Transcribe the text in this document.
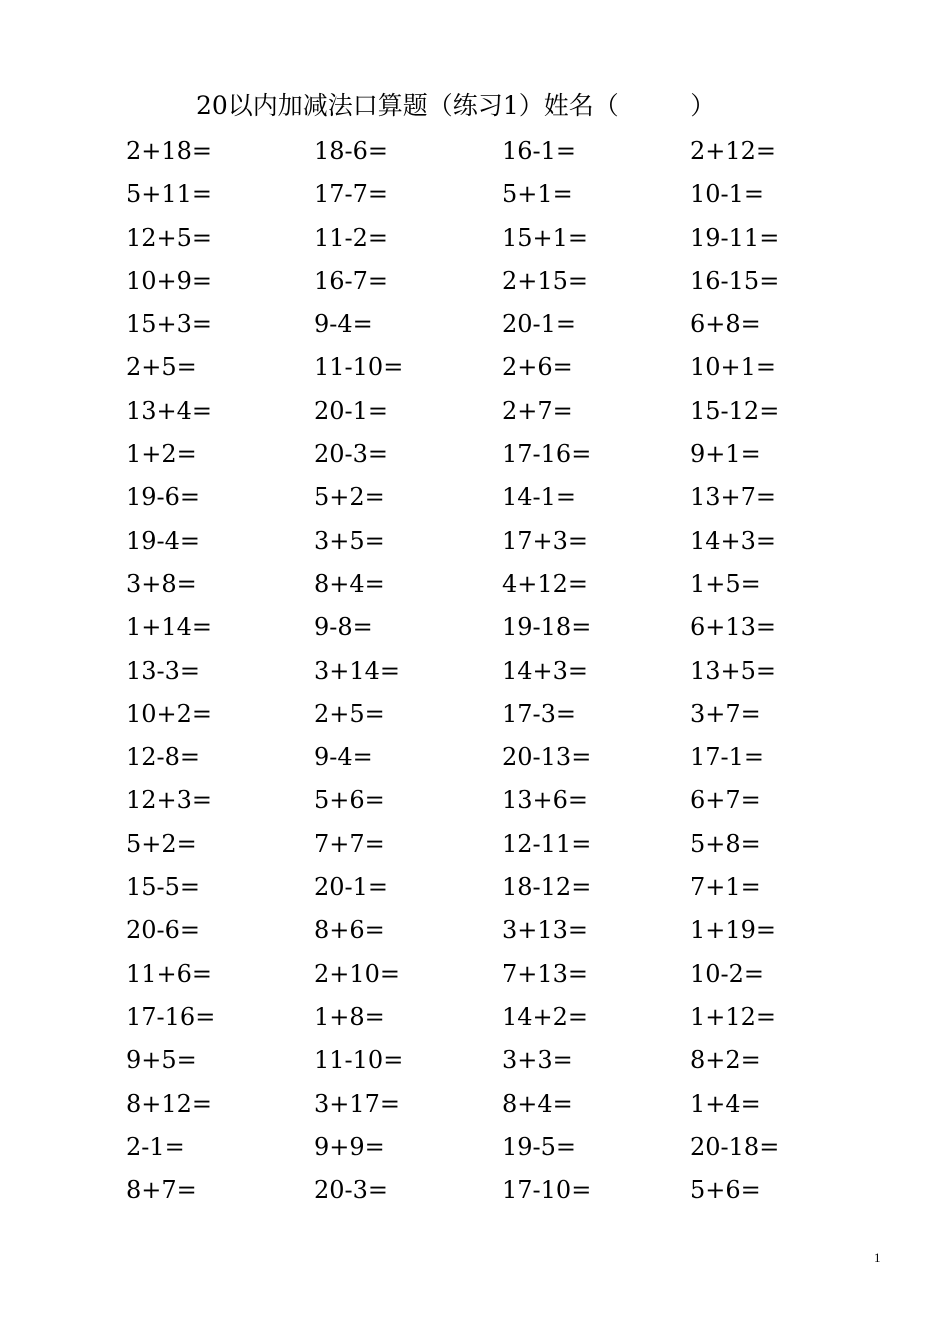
20以内加减法口算题（练习1）姓名（         ）
2+18=	18-6=	16-1=	2+12=
5+11=	17-7=	5+1=	10-1=
12+5=	11-2=	15+1=	19-11=
10+9=	16-7=	2+15=	16-15=
15+3=	9-4=	20-1=	6+8=
2+5=	11-10=	2+6=	10+1=
13+4=	20-1=	2+7=	15-12=
1+2=	20-3=	17-16=	9+1=
19-6=	5+2=	14-1=	13+7=
19-4=	3+5=	17+3=	14+3=
3+8=	8+4=	4+12=	1+5=
1+14=	9-8=	19-18=	6+13=
13-3=	3+14=	14+3=	13+5=
10+2=	2+5=	17-3=	3+7=
12-8=	9-4=	20-13=	17-1=
12+3=	5+6=	13+6=	6+7=
5+2=	7+7=	12-11=	5+8=
15-5=	20-1=	18-12=	7+1=
20-6=	8+6=	3+13=	1+19=
11+6=	2+10=	7+13=	10-2=
17-16=	1+8=	14+2=	1+12=
9+5=	11-10=	3+3=	8+2=
8+12=	3+17=	8+4=	1+4=
2-1=	9+9=	19-5=	20-18=
8+7=	20-3=	17-10=	5+6=
1
